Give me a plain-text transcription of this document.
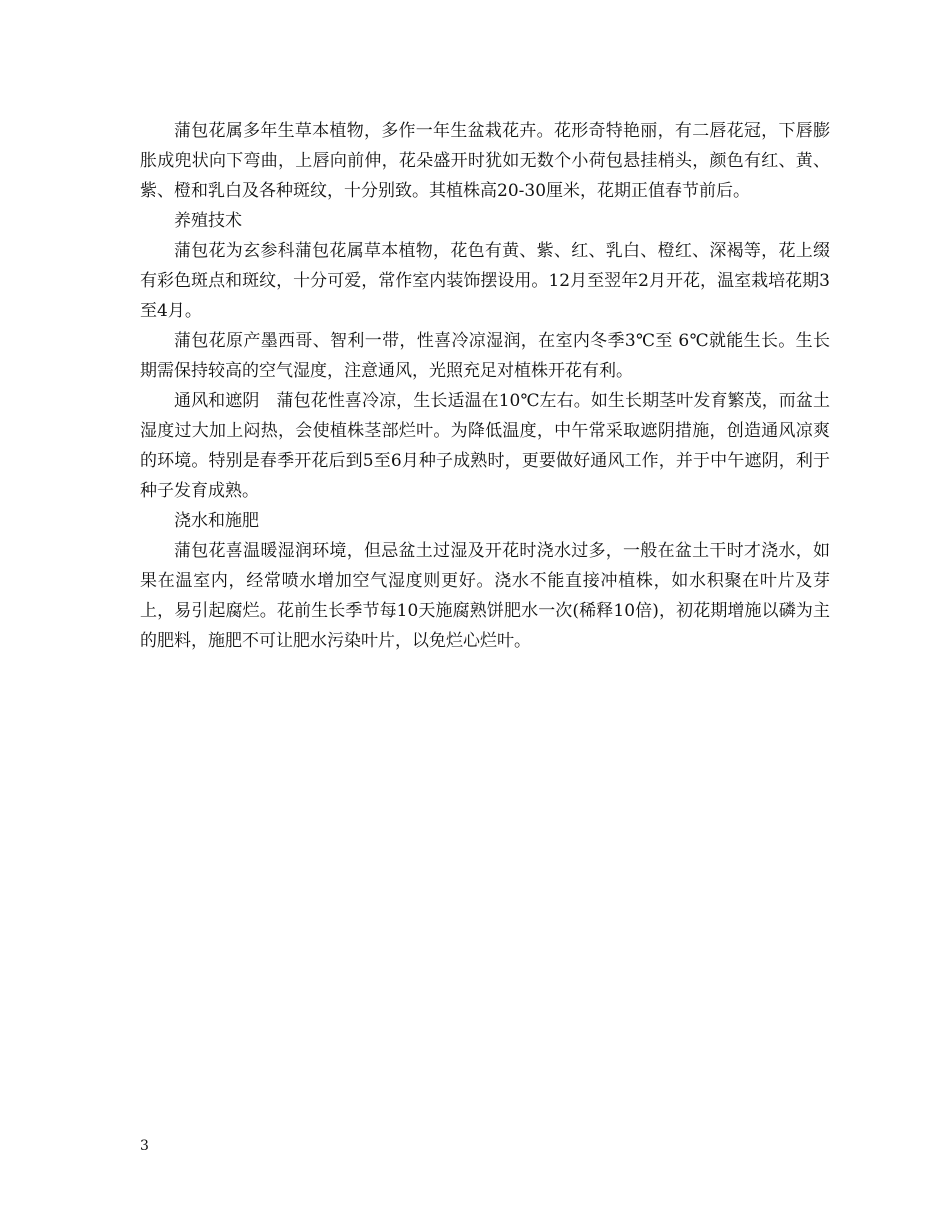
蒲包花属多年生草本植物，多作一年生盆栽花卉。花形奇特艳丽，有二唇花冠，下唇膨胀成兜状向下弯曲，上唇向前伸，花朵盛开时犹如无数个小荷包悬挂梢头，颜色有红、黄、紫、橙和乳白及各种斑纹，十分别致。其植株高20-30厘米，花期正值春节前后。

养殖技术

蒲包花为玄参科蒲包花属草本植物，花色有黄、紫、红、乳白、橙红、深褐等，花上缀有彩色斑点和斑纹，十分可爱，常作室内装饰摆设用。12月至翌年2月开花，温室栽培花期3至4月。

蒲包花原产墨西哥、智利一带，性喜冷凉湿润，在室内冬季3℃至 6℃就能生长。生长期需保持较高的空气湿度，注意通风，光照充足对植株开花有利。

通风和遮阴　蒲包花性喜冷凉，生长适温在10℃左右。如生长期茎叶发育繁茂，而盆土湿度过大加上闷热，会使植株茎部烂叶。为降低温度，中午常采取遮阴措施，创造通风凉爽的环境。特别是春季开花后到5至6月种子成熟时，更要做好通风工作，并于中午遮阴，利于种子发育成熟。

浇水和施肥

蒲包花喜温暖湿润环境，但忌盆土过湿及开花时浇水过多，一般在盆土干时才浇水，如果在温室内，经常喷水增加空气湿度则更好。浇水不能直接冲植株，如水积聚在叶片及芽上，易引起腐烂。花前生长季节每10天施腐熟饼肥水一次(稀释10倍)，初花期增施以磷为主的肥料，施肥不可让肥水污染叶片，以免烂心烂叶。

3
